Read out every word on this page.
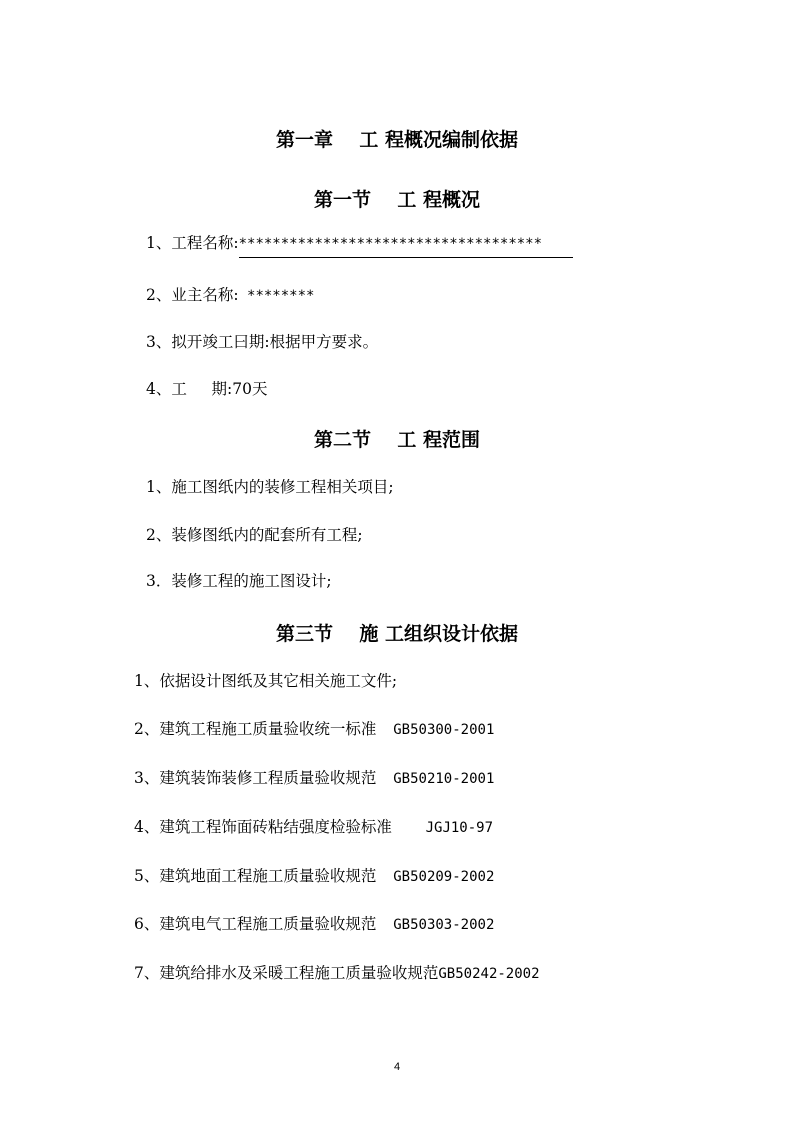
第一章    工 程概况编制依据
第一节    工 程概况
1、工程名称:************************************
2、业主名称: ********
3、拟开竣工曰期:根据甲方要求。
4、工     期:70天
第二节    工 程范围
1、施工图纸内的装修工程相关项目;
2、装修图纸内的配套所有工程;
3．装修工程的施工图设计;
第三节    施 工组织设计依据
1、依据设计图纸及其它相关施工文件;
2、建筑工程施工质量验收统一标准  GB50300-2001
3、建筑装饰装修工程质量验收规范  GB50210-2001
4、建筑工程饰面砖粘结强度检验标准    JGJ10-97
5、建筑地面工程施工质量验收规范  GB50209-2002
6、建筑电气工程施工质量验收规范  GB50303-2002
7、建筑给排水及采暖工程施工质量验收规范GB50242-2002
4
